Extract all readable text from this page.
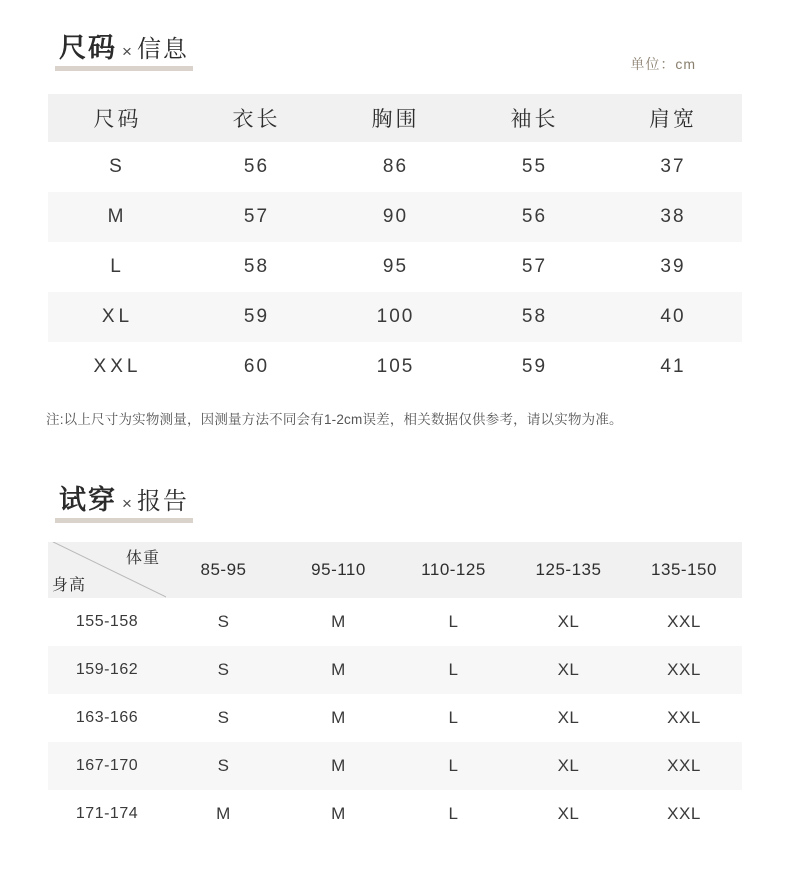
尺码 × 信息
单位：cm
尺码	衣长	胸围	袖长	肩宽
S	56	86	55	37
M	57	90	56	38
L	58	95	57	39
XL	59	100	58	40
XXL	60	105	59	41
注:以上尺寸为实物测量，因测量方法不同会有1-2cm误差，相关数据仅供参考，请以实物为准。
试穿 × 报告
体重
身高	85-95	95-110	110-125	125-135	135-150
155-158	S	M	L	XL	XXL
159-162	S	M	L	XL	XXL
163-166	S	M	L	XL	XXL
167-170	S	M	L	XL	XXL
171-174	M	M	L	XL	XXL
